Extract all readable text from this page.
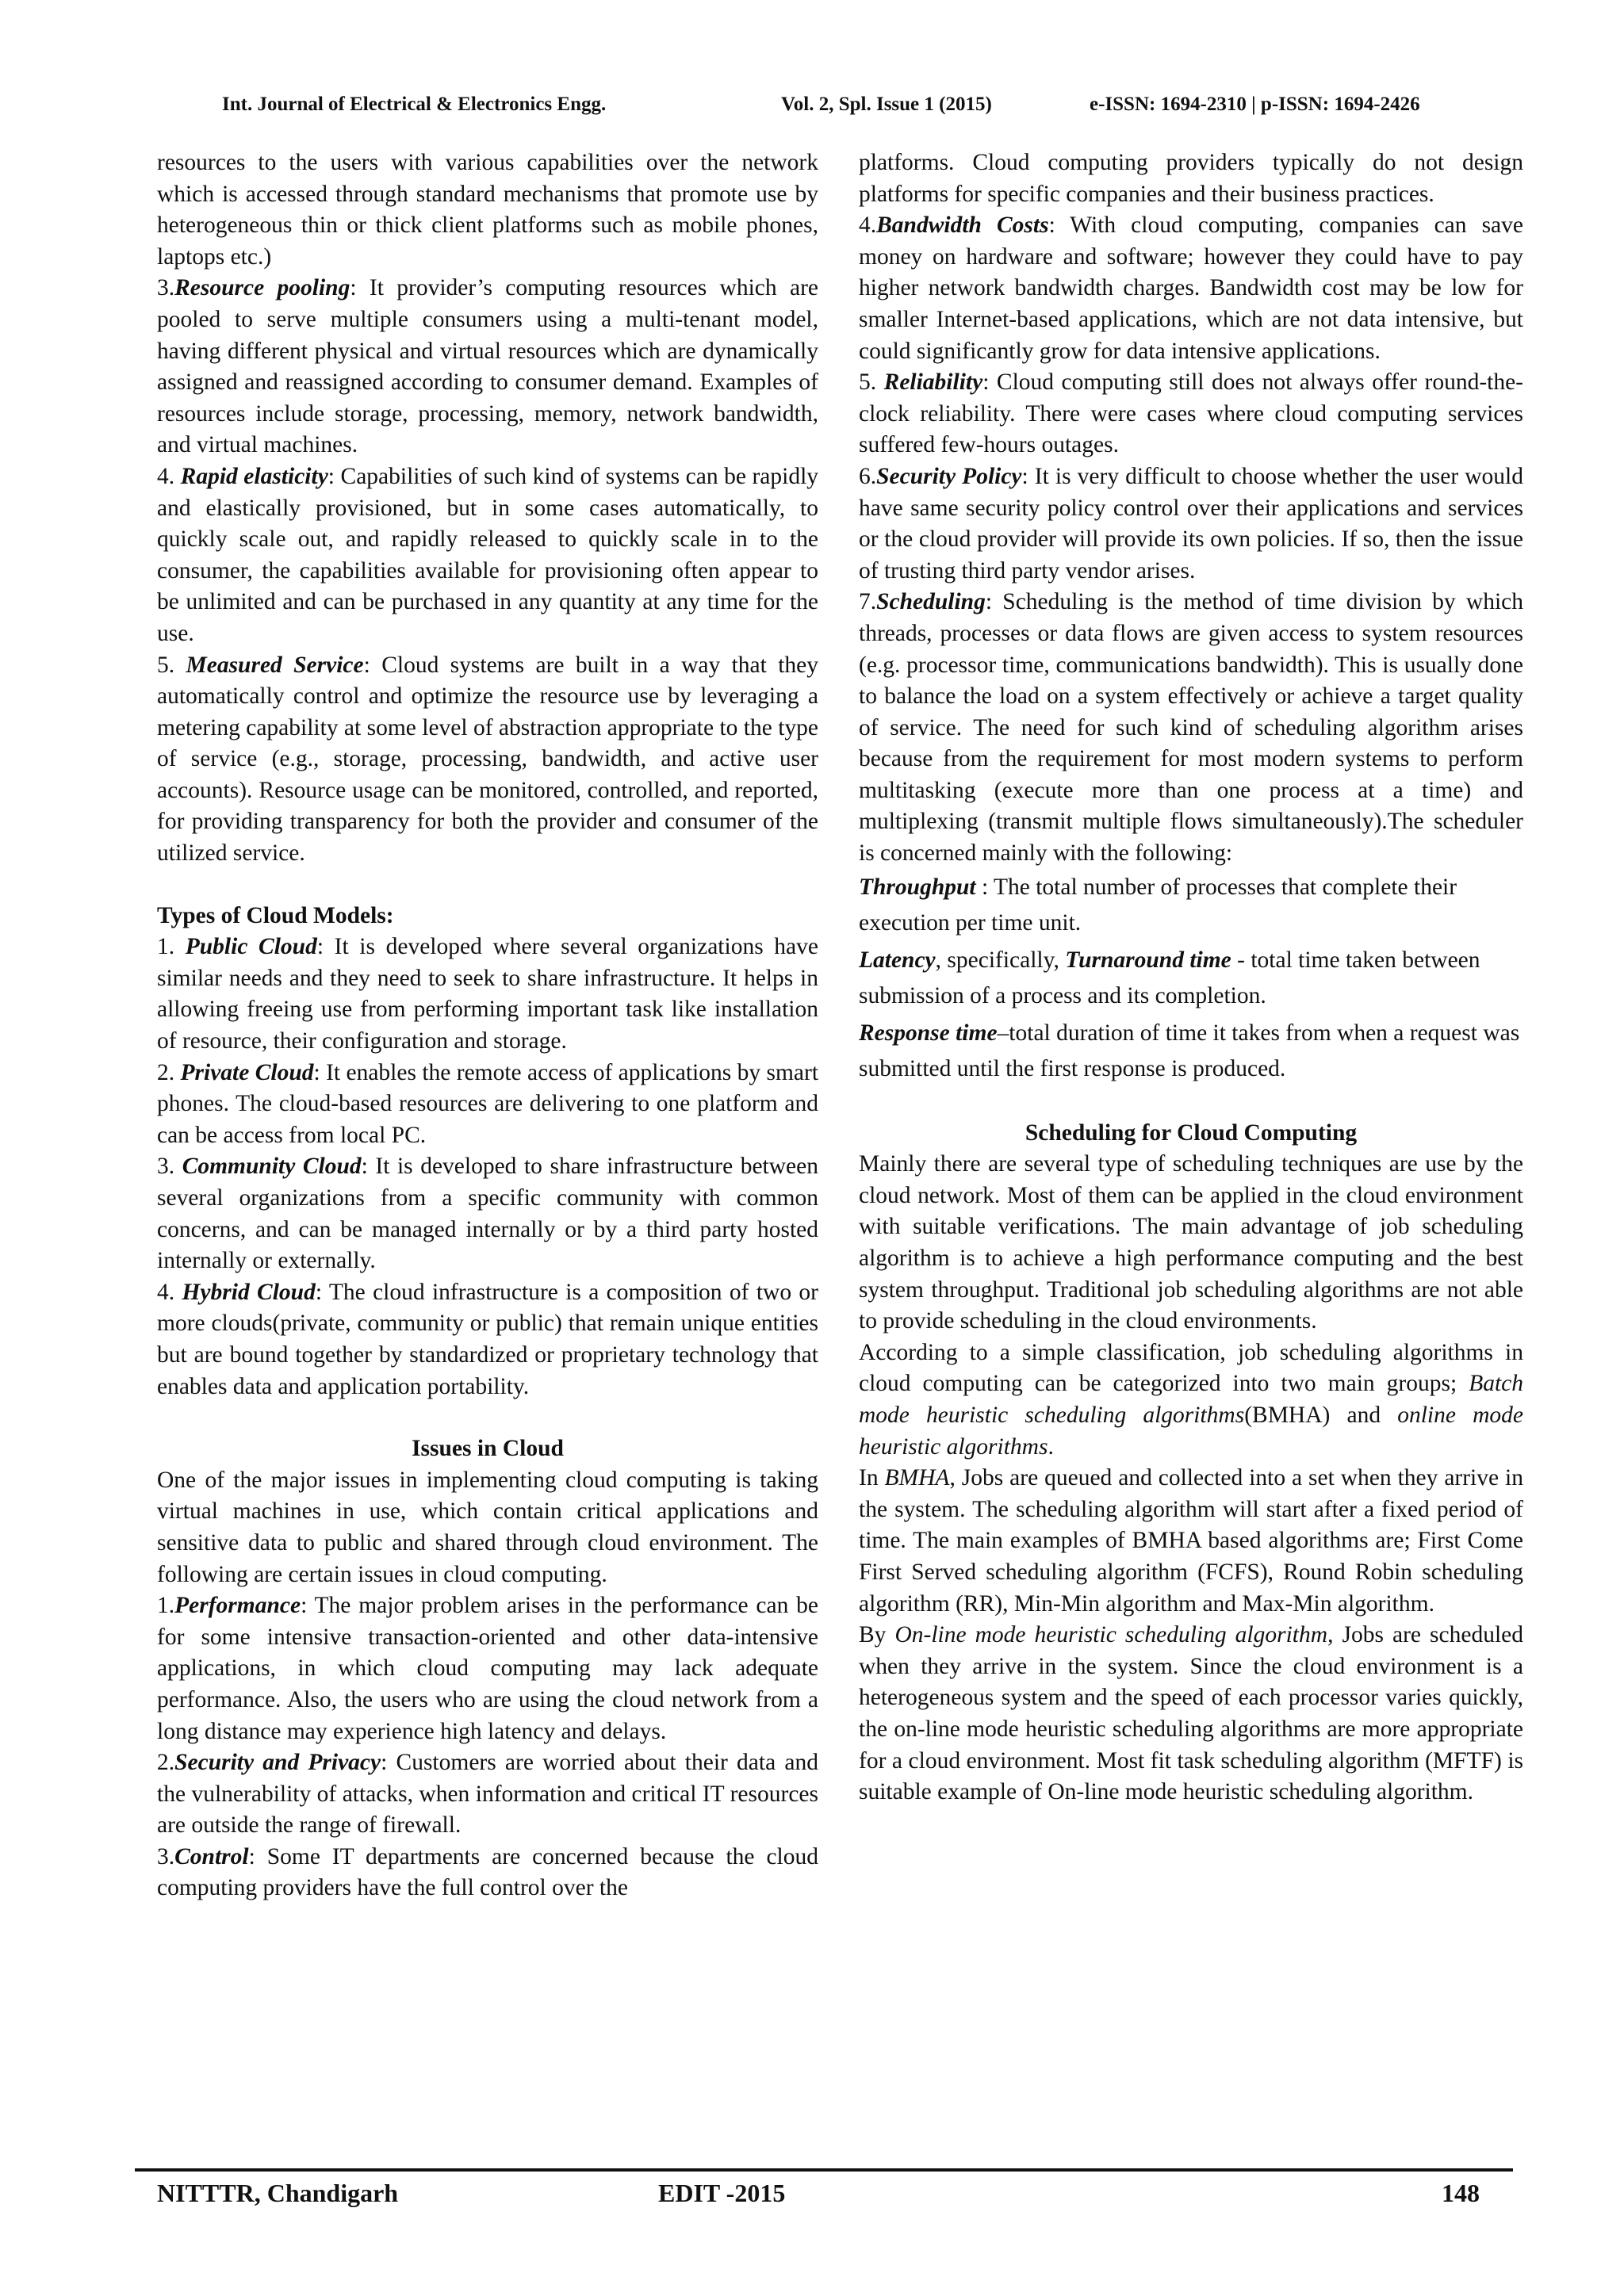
Int. Journal of Electrical & Electronics Engg.	Vol. 2, Spl. Issue 1 (2015)	e-ISSN: 1694-2310 | p-ISSN: 1694-2426

resources to the users with various capabilities over the network which is accessed through standard mechanisms that promote use by heterogeneous thin or thick client platforms such as mobile phones, laptops etc.)

3.Resource pooling: It provider’s computing resources which are pooled to serve multiple consumers using a multi-tenant model, having different physical and virtual resources which are dynamically assigned and reassigned according to consumer demand. Examples of resources include storage, processing, memory, network bandwidth, and virtual machines.

4. Rapid elasticity: Capabilities of such kind of systems can be rapidly and elastically provisioned, but in some cases automatically, to quickly scale out, and rapidly released to quickly scale in to the consumer, the capabilities available for provisioning often appear to be unlimited and can be purchased in any quantity at any time for the use.

5. Measured Service: Cloud systems are built in a way that they automatically control and optimize the resource use by leveraging a metering capability at some level of abstraction appropriate to the type of service (e.g., storage, processing, bandwidth, and active user accounts). Resource usage can be monitored, controlled, and reported, for providing transparency for both the provider and consumer of the utilized service.

Types of Cloud Models:

1. Public Cloud: It is developed where several organizations have similar needs and they need to seek to share infrastructure. It helps in allowing freeing use from performing important task like installation of resource, their configuration and storage.

2. Private Cloud: It enables the remote access of applications by smart phones. The cloud-based resources are delivering to one platform and can be access from local PC.

3. Community Cloud: It is developed to share infrastructure between several organizations from a specific community with common concerns, and can be managed internally or by a third party hosted internally or externally.

4. Hybrid Cloud: The cloud infrastructure is a composition of two or more clouds(private, community or public) that remain unique entities but are bound together by standardized or proprietary technology that enables data and application portability.

Issues in Cloud

One of the major issues in implementing cloud computing is taking virtual machines in use, which contain critical applications and sensitive data to public and shared through cloud environment. The following are certain issues in cloud computing.

1.Performance: The major problem arises in the performance can be for some intensive transaction-oriented and other data-intensive applications, in which cloud computing may lack adequate performance. Also, the users who are using the cloud network from a long distance may experience high latency and delays.

2.Security and Privacy: Customers are worried about their data and the vulnerability of attacks, when information and critical IT resources are outside the range of firewall.

3.Control: Some IT departments are concerned because the cloud computing providers have the full control over the

platforms. Cloud computing providers typically do not design platforms for specific companies and their business practices.

4.Bandwidth Costs: With cloud computing, companies can save money on hardware and software; however they could have to pay higher network bandwidth charges. Bandwidth cost may be low for smaller Internet-based applications, which are not data intensive, but could significantly grow for data intensive applications.

5. Reliability: Cloud computing still does not always offer round-the-clock reliability. There were cases where cloud computing services suffered few-hours outages.

6.Security Policy: It is very difficult to choose whether the user would have same security policy control over their applications and services or the cloud provider will provide its own policies. If so, then the issue of trusting third party vendor arises.

7.Scheduling: Scheduling is the method of time division by which threads, processes or data flows are given access to system resources (e.g. processor time, communications bandwidth). This is usually done to balance the load on a system effectively or achieve a target quality of service. The need for such kind of scheduling algorithm arises because from the requirement for most modern systems to perform multitasking (execute more than one process at a time) and multiplexing (transmit multiple flows simultaneously).The scheduler is concerned mainly with the following:

Throughput : The total number of processes that complete their execution per time unit.

Latency, specifically, Turnaround time - total time taken between submission of a process and its completion.

Response time–total duration of time it takes from when a request was submitted until the first response is produced.

Scheduling for Cloud Computing

Mainly there are several type of scheduling techniques are use by the cloud network. Most of them can be applied in the cloud environment with suitable verifications. The main advantage of job scheduling algorithm is to achieve a high performance computing and the best system throughput. Traditional job scheduling algorithms are not able to provide scheduling in the cloud environments.

According to a simple classification, job scheduling algorithms in cloud computing can be categorized into two main groups; Batch mode heuristic scheduling algorithms(BMHA) and online mode heuristic algorithms.

In BMHA, Jobs are queued and collected into a set when they arrive in the system. The scheduling algorithm will start after a fixed period of time. The main examples of BMHA based algorithms are; First Come First Served scheduling algorithm (FCFS), Round Robin scheduling algorithm (RR), Min-Min algorithm and Max-Min algorithm.

By On-line mode heuristic scheduling algorithm, Jobs are scheduled when they arrive in the system. Since the cloud environment is a heterogeneous system and the speed of each processor varies quickly, the on-line mode heuristic scheduling algorithms are more appropriate for a cloud environment. Most fit task scheduling algorithm (MFTF) is suitable example of On-line mode heuristic scheduling algorithm.

NITTTR, Chandigarh	EDIT -2015	148
